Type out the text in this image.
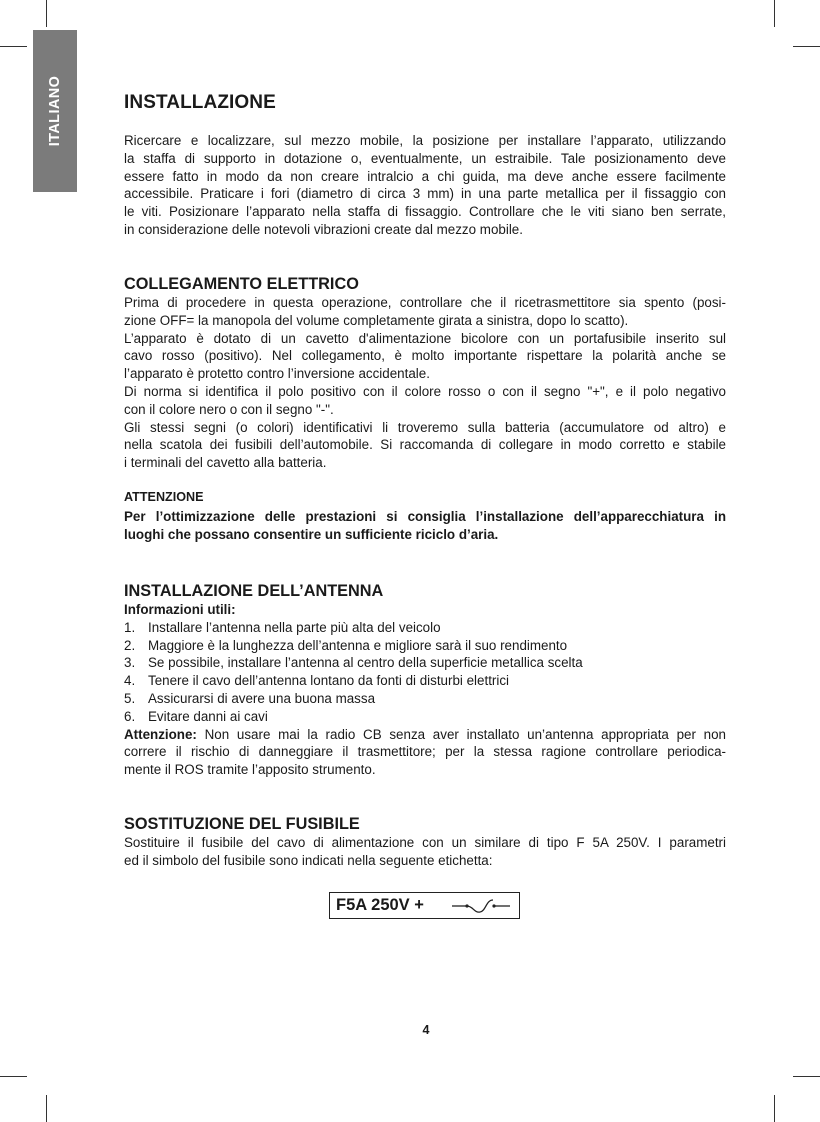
ITALIANO	INSTALLAZIONE

Ricercare e localizzare, sul mezzo mobile, la posizione per installare l’apparato, utilizzando
la staffa di supporto in dotazione o, eventualmente, un estraibile. Tale posizionamento deve
essere fatto in modo da non creare intralcio a chi guida, ma deve anche essere facilmente
accessibile. Praticare i fori (diametro di circa 3 mm) in una parte metallica per il fissaggio con
le viti. Posizionare l’apparato nella staffa di fissaggio. Controllare che le viti siano ben serrate,
in considerazione delle notevoli vibrazioni create dal mezzo mobile.

COLLEGAMENTO ELETTRICO

Prima di procedere in questa operazione, controllare che il ricetrasmettitore sia spento (posi-
zione OFF= la manopola del volume completamente girata a sinistra, dopo lo scatto).
L’apparato è dotato di un cavetto d'alimentazione bicolore con un portafusibile inserito sul
cavo rosso (positivo). Nel collegamento, è molto importante rispettare la polarità anche se
l’apparato è protetto contro l’inversione accidentale.
Di norma si identifica il polo positivo con il colore rosso o con il segno "+", e il polo negativo
con il colore nero o con il segno "-".
Gli stessi segni (o colori) identificativi li troveremo sulla batteria (accumulatore od altro) e
nella scatola dei fusibili dell’automobile. Si raccomanda di collegare in modo corretto e stabile
i terminali del cavetto alla batteria.

ATTENZIONE

Per l’ottimizzazione delle prestazioni si consiglia l’installazione dell’apparecchiatura in
luoghi che possano consentire un sufficiente riciclo d’aria.

INSTALLAZIONE DELL’ANTENNA
Informazioni utili:
1. Installare l’antenna nella parte più alta del veicolo
2. Maggiore è la lunghezza dell’antenna e migliore sarà il suo rendimento
3. Se possibile, installare l’antenna al centro della superficie metallica scelta
4. Tenere il cavo dell’antenna lontano da fonti di disturbi elettrici
5. Assicurarsi di avere una buona massa
6. Evitare danni ai cavi

Attenzione: Non usare mai la radio CB senza aver installato un’antenna appropriata per non
correre il rischio di danneggiare il trasmettitore; per la stessa ragione controllare periodica-
mente il ROS tramite l’apposito strumento.

SOSTITUZIONE DEL FUSIBILE

Sostituire il fusibile del cavo di alimentazione con un similare di tipo F 5A 250V. I parametri
ed il simbolo del fusibile sono indicati nella seguente etichetta:

F5A 250V +
4
